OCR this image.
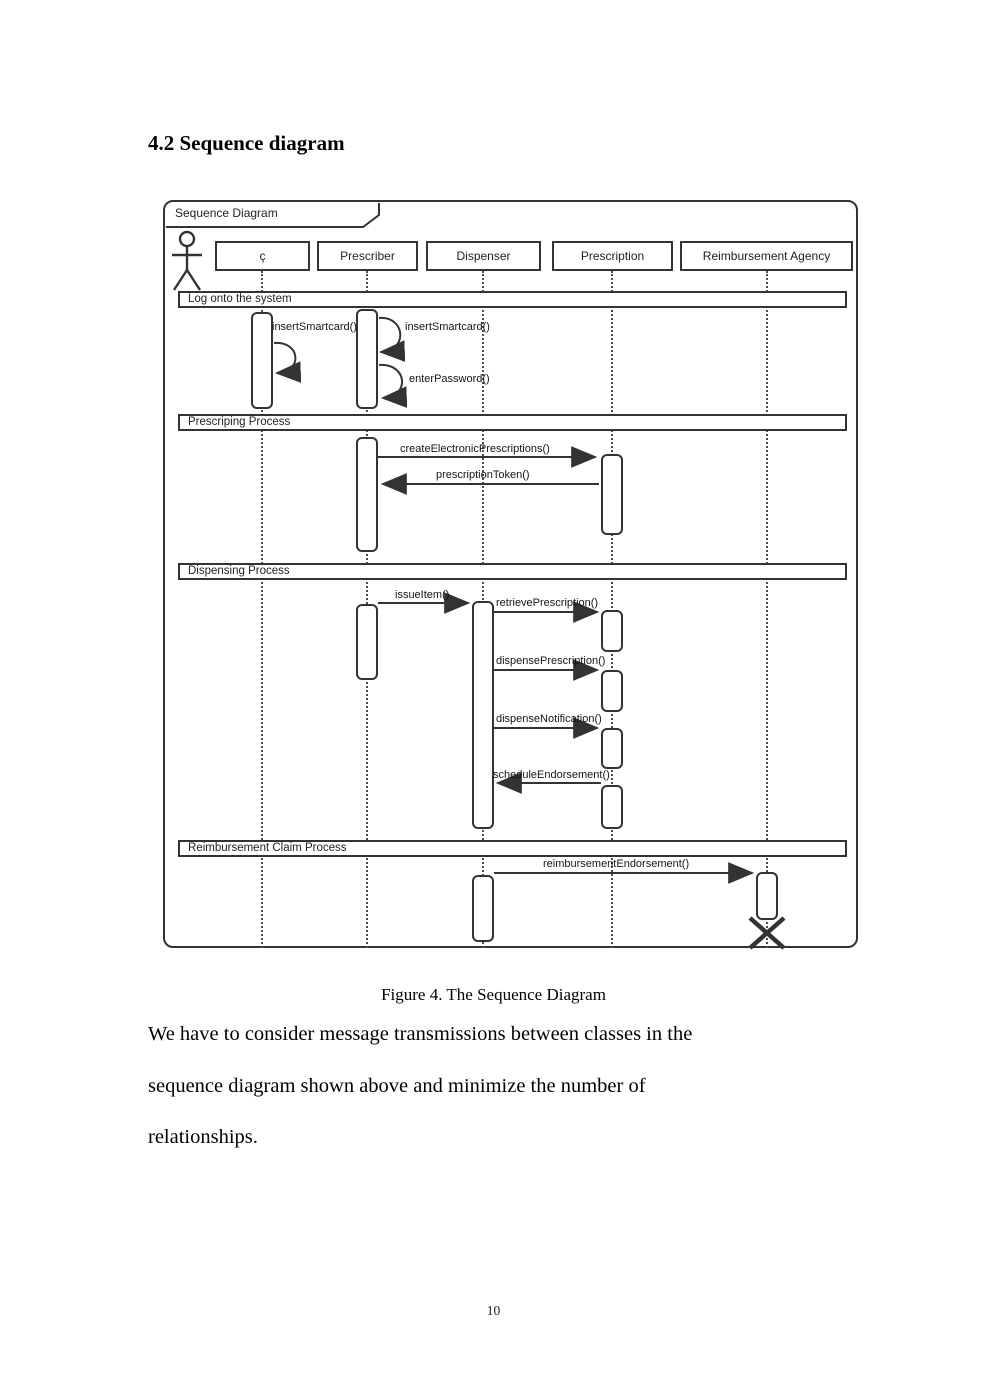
4.2 Sequence diagram
ç	Prescriber	Dispenser	Prescription	Reimbursement Agency
Log onto the system
Prescriping Process
Dispensing Process
Reimbursement Claim Process
Sequence Diagram
insertSmartcard()	insertSmartcard()
enterPassword()
createElectronicPrescriptions()
prescriptionToken()
issueItem()
retrievePrescription()
dispensePrescription()
dispenseNotification()
scheduleEndorsement()
reimbursementEndorsement()
Figure 4. The Sequence Diagram
We have to consider message transmissions between classes in the
sequence diagram shown above and minimize the number of
relationships.
10
